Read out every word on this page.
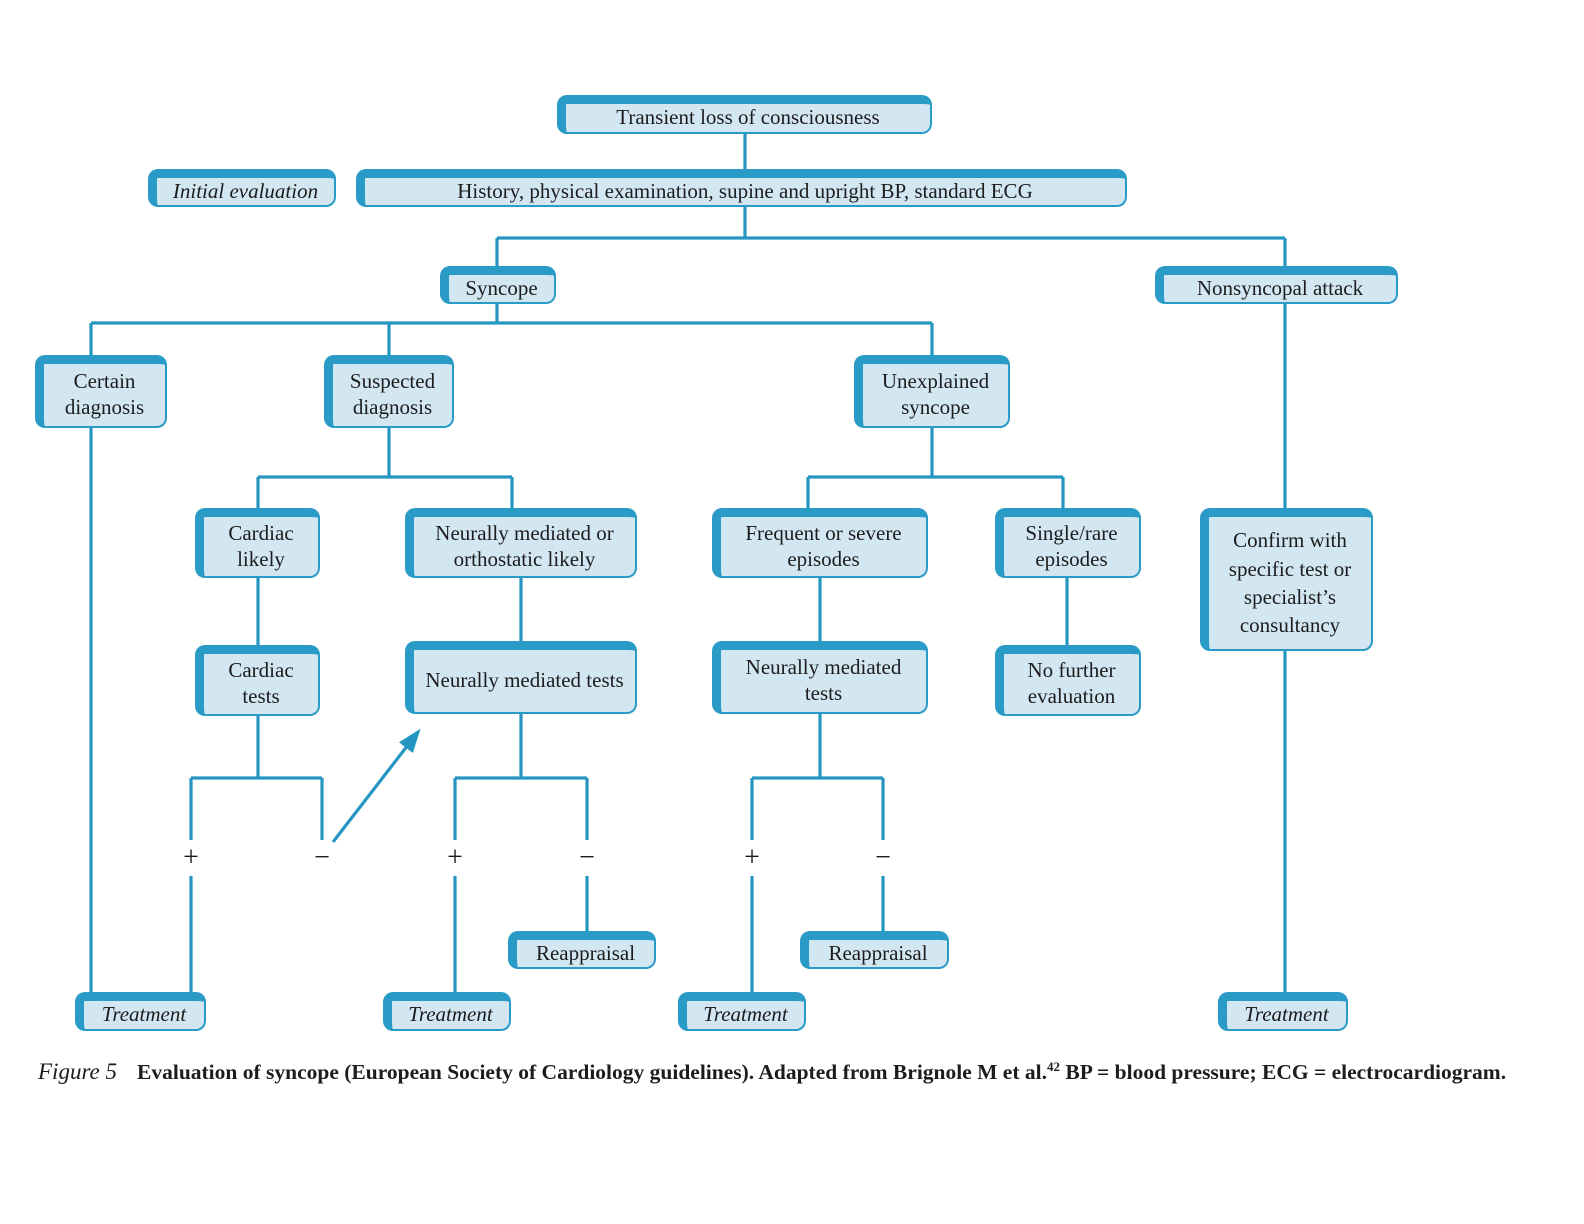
Transient loss of consciousness
Initial evaluation	History, physical examination, supine and upright BP, standard ECG
Syncope	Nonsyncopal attack
Certain diagnosis
Suspected diagnosis
Unexplained syncope
Cardiac likely
Neurally mediated or orthostatic likely
Frequent or severe episodes
Single/rare episodes
Confirm with specific test or specialist’s consultancy
Cardiac tests
Neurally mediated tests
Neurally mediated tests
No further evaluation
Reappraisal	Reappraisal
Treatment	Treatment	Treatment	Treatment
+	−	+	−	+	−
Figure 5 Evaluation of syncope (European Society of Cardiology guidelines). Adapted from Brignole M et al.$^{42}$ BP = blood pressure; ECG = electrocardiogram.
